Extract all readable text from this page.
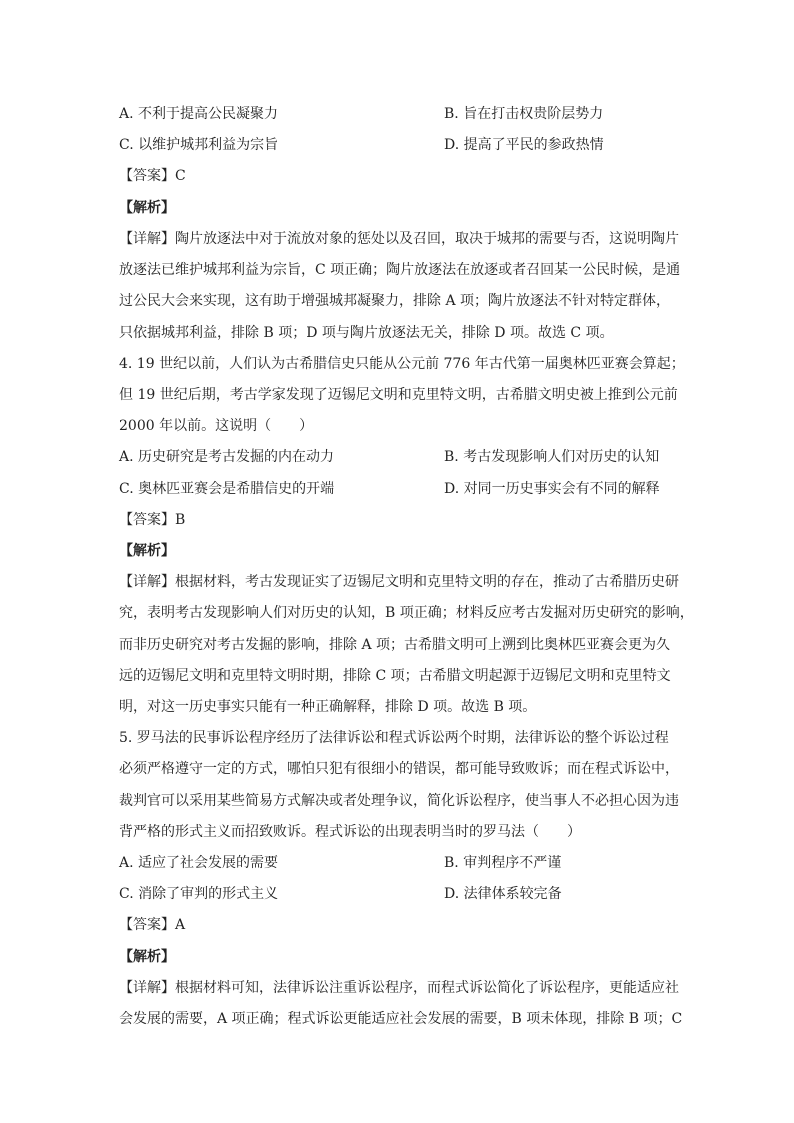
A. 不利于提高公民凝聚力	B. 旨在打击权贵阶层势力
C. 以维护城邦利益为宗旨	D. 提高了平民的参政热情
【答案】C
【解析】
【详解】陶片放逐法中对于流放对象的惩处以及召回，取决于城邦的需要与否，这说明陶片
放逐法已维护城邦利益为宗旨，C 项正确；陶片放逐法在放逐或者召回某一公民时候，是通
过公民大会来实现，这有助于增强城邦凝聚力，排除 A 项；陶片放逐法不针对特定群体，
只依据城邦利益，排除 B 项；D 项与陶片放逐法无关，排除 D 项。故选 C 项。
4. 19 世纪以前，人们认为古希腊信史只能从公元前 776 年古代第一届奥林匹亚赛会算起；
但 19 世纪后期，考古学家发现了迈锡尼文明和克里特文明，古希腊文明史被上推到公元前
2000 年以前。这说明（　　）
A. 历史研究是考古发掘的内在动力	B. 考古发现影响人们对历史的认知
C. 奥林匹亚赛会是希腊信史的开端	D. 对同一历史事实会有不同的解释
【答案】B
【解析】
【详解】根据材料，考古发现证实了迈锡尼文明和克里特文明的存在，推动了古希腊历史研
究，表明考古发现影响人们对历史的认知，B 项正确；材料反应考古发掘对历史研究的影响，
而非历史研究对考古发掘的影响，排除 A 项；古希腊文明可上溯到比奥林匹亚赛会更为久
远的迈锡尼文明和克里特文明时期，排除 C 项；古希腊文明起源于迈锡尼文明和克里特文
明，对这一历史事实只能有一种正确解释，排除 D 项。故选 B 项。
5. 罗马法的民事诉讼程序经历了法律诉讼和程式诉讼两个时期，法律诉讼的整个诉讼过程
必须严格遵守一定的方式，哪怕只犯有很细小的错误，都可能导致败诉；而在程式诉讼中，
裁判官可以采用某些简易方式解决或者处理争议，简化诉讼程序，使当事人不必担心因为违
背严格的形式主义而招致败诉。程式诉讼的出现表明当时的罗马法（　　）
A. 适应了社会发展的需要	B. 审判程序不严谨
C. 消除了审判的形式主义	D. 法律体系较完备
【答案】A
【解析】
【详解】根据材料可知，法律诉讼注重诉讼程序，而程式诉讼简化了诉讼程序，更能适应社
会发展的需要，A 项正确；程式诉讼更能适应社会发展的需要，B 项未体现，排除 B 项；C
